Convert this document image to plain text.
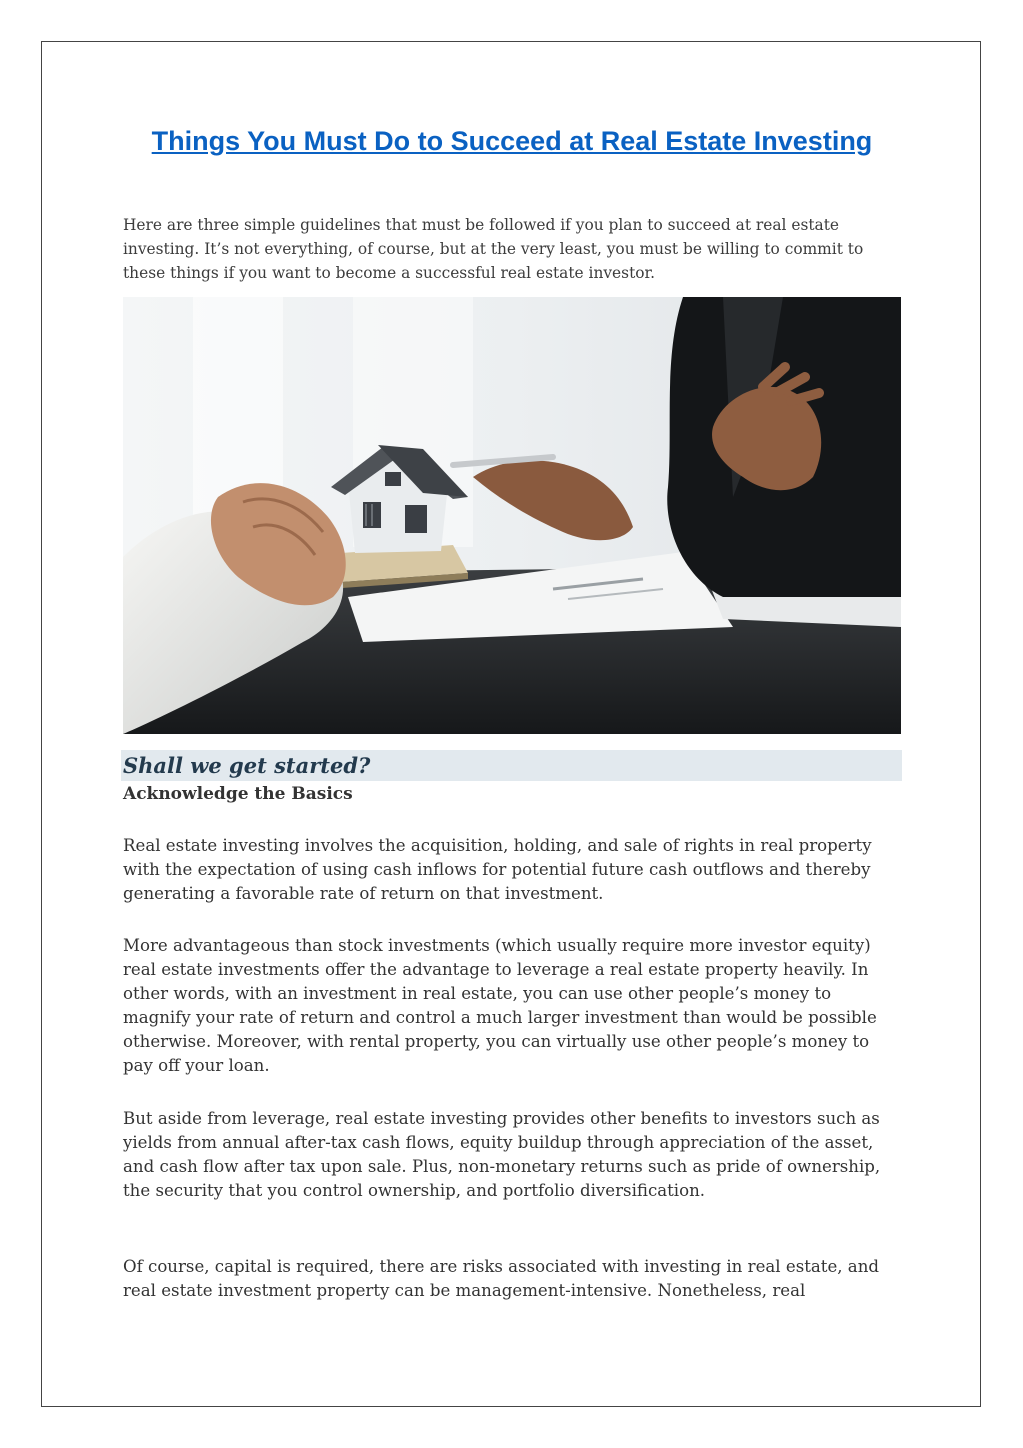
Things You Must Do to Succeed at Real Estate Investing

Here are three simple guidelines that must be followed if you plan to succeed at real estate investing. It’s not everything, of course, but at the very least, you must be willing to commit to these things if you want to become a successful real estate investor.

Shall we get started?
Acknowledge the Basics

Real estate investing involves the acquisition, holding, and sale of rights in real property with the expectation of using cash inflows for potential future cash outflows and thereby generating a favorable rate of return on that investment.

More advantageous than stock investments (which usually require more investor equity) real estate investments offer the advantage to leverage a real estate property heavily. In other words, with an investment in real estate, you can use other people’s money to magnify your rate of return and control a much larger investment than would be possible otherwise. Moreover, with rental property, you can virtually use other people’s money to pay off your loan.

But aside from leverage, real estate investing provides other benefits to investors such as yields from annual after-tax cash flows, equity buildup through appreciation of the asset, and cash flow after tax upon sale. Plus, non-monetary returns such as pride of ownership, the security that you control ownership, and portfolio diversification.

Of course, capital is required, there are risks associated with investing in real estate, and real estate investment property can be management-intensive. Nonetheless, real
